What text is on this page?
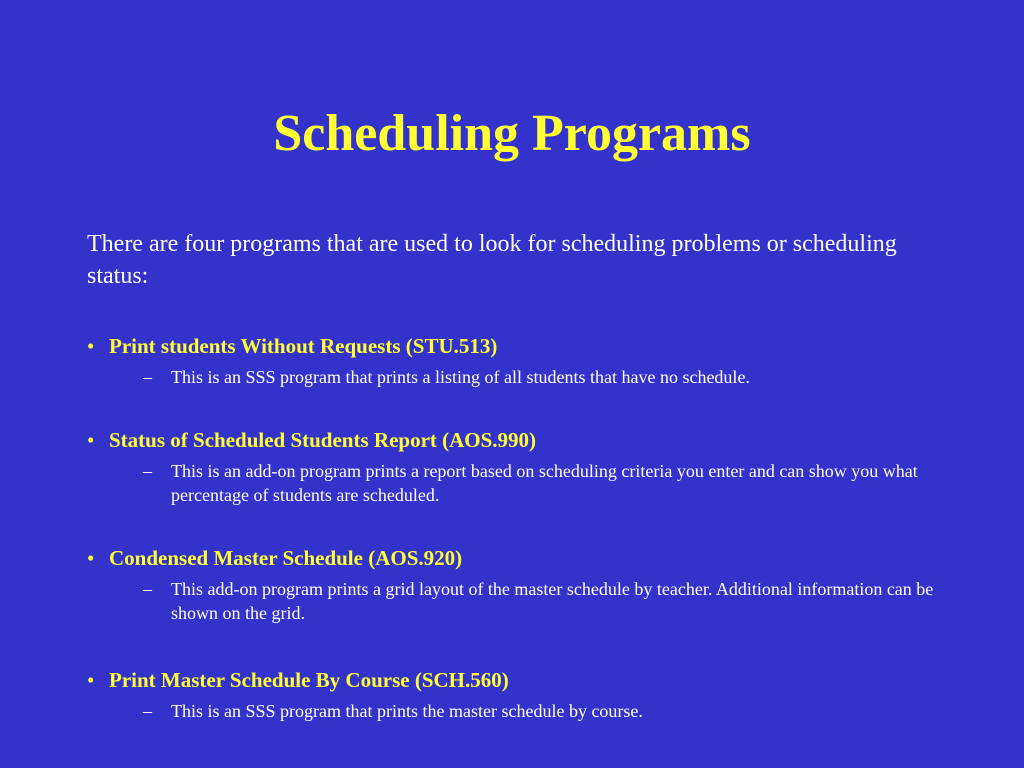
Scheduling Programs
There are four programs that are used to look for scheduling problems or scheduling status:
• Print students Without Requests (STU.513)
–	This is an SSS program that prints a listing of all students that have no schedule.
• Status of Scheduled Students Report (AOS.990)
–	This is an add-on program prints a report based on scheduling criteria you enter and can show you what percentage of students are scheduled.
• Condensed Master Schedule (AOS.920)
–	This add-on program prints a grid layout of the master schedule by teacher. Additional information can be shown on the grid.
• Print Master Schedule By Course (SCH.560)
–	This is an SSS program that prints the master schedule by course.
